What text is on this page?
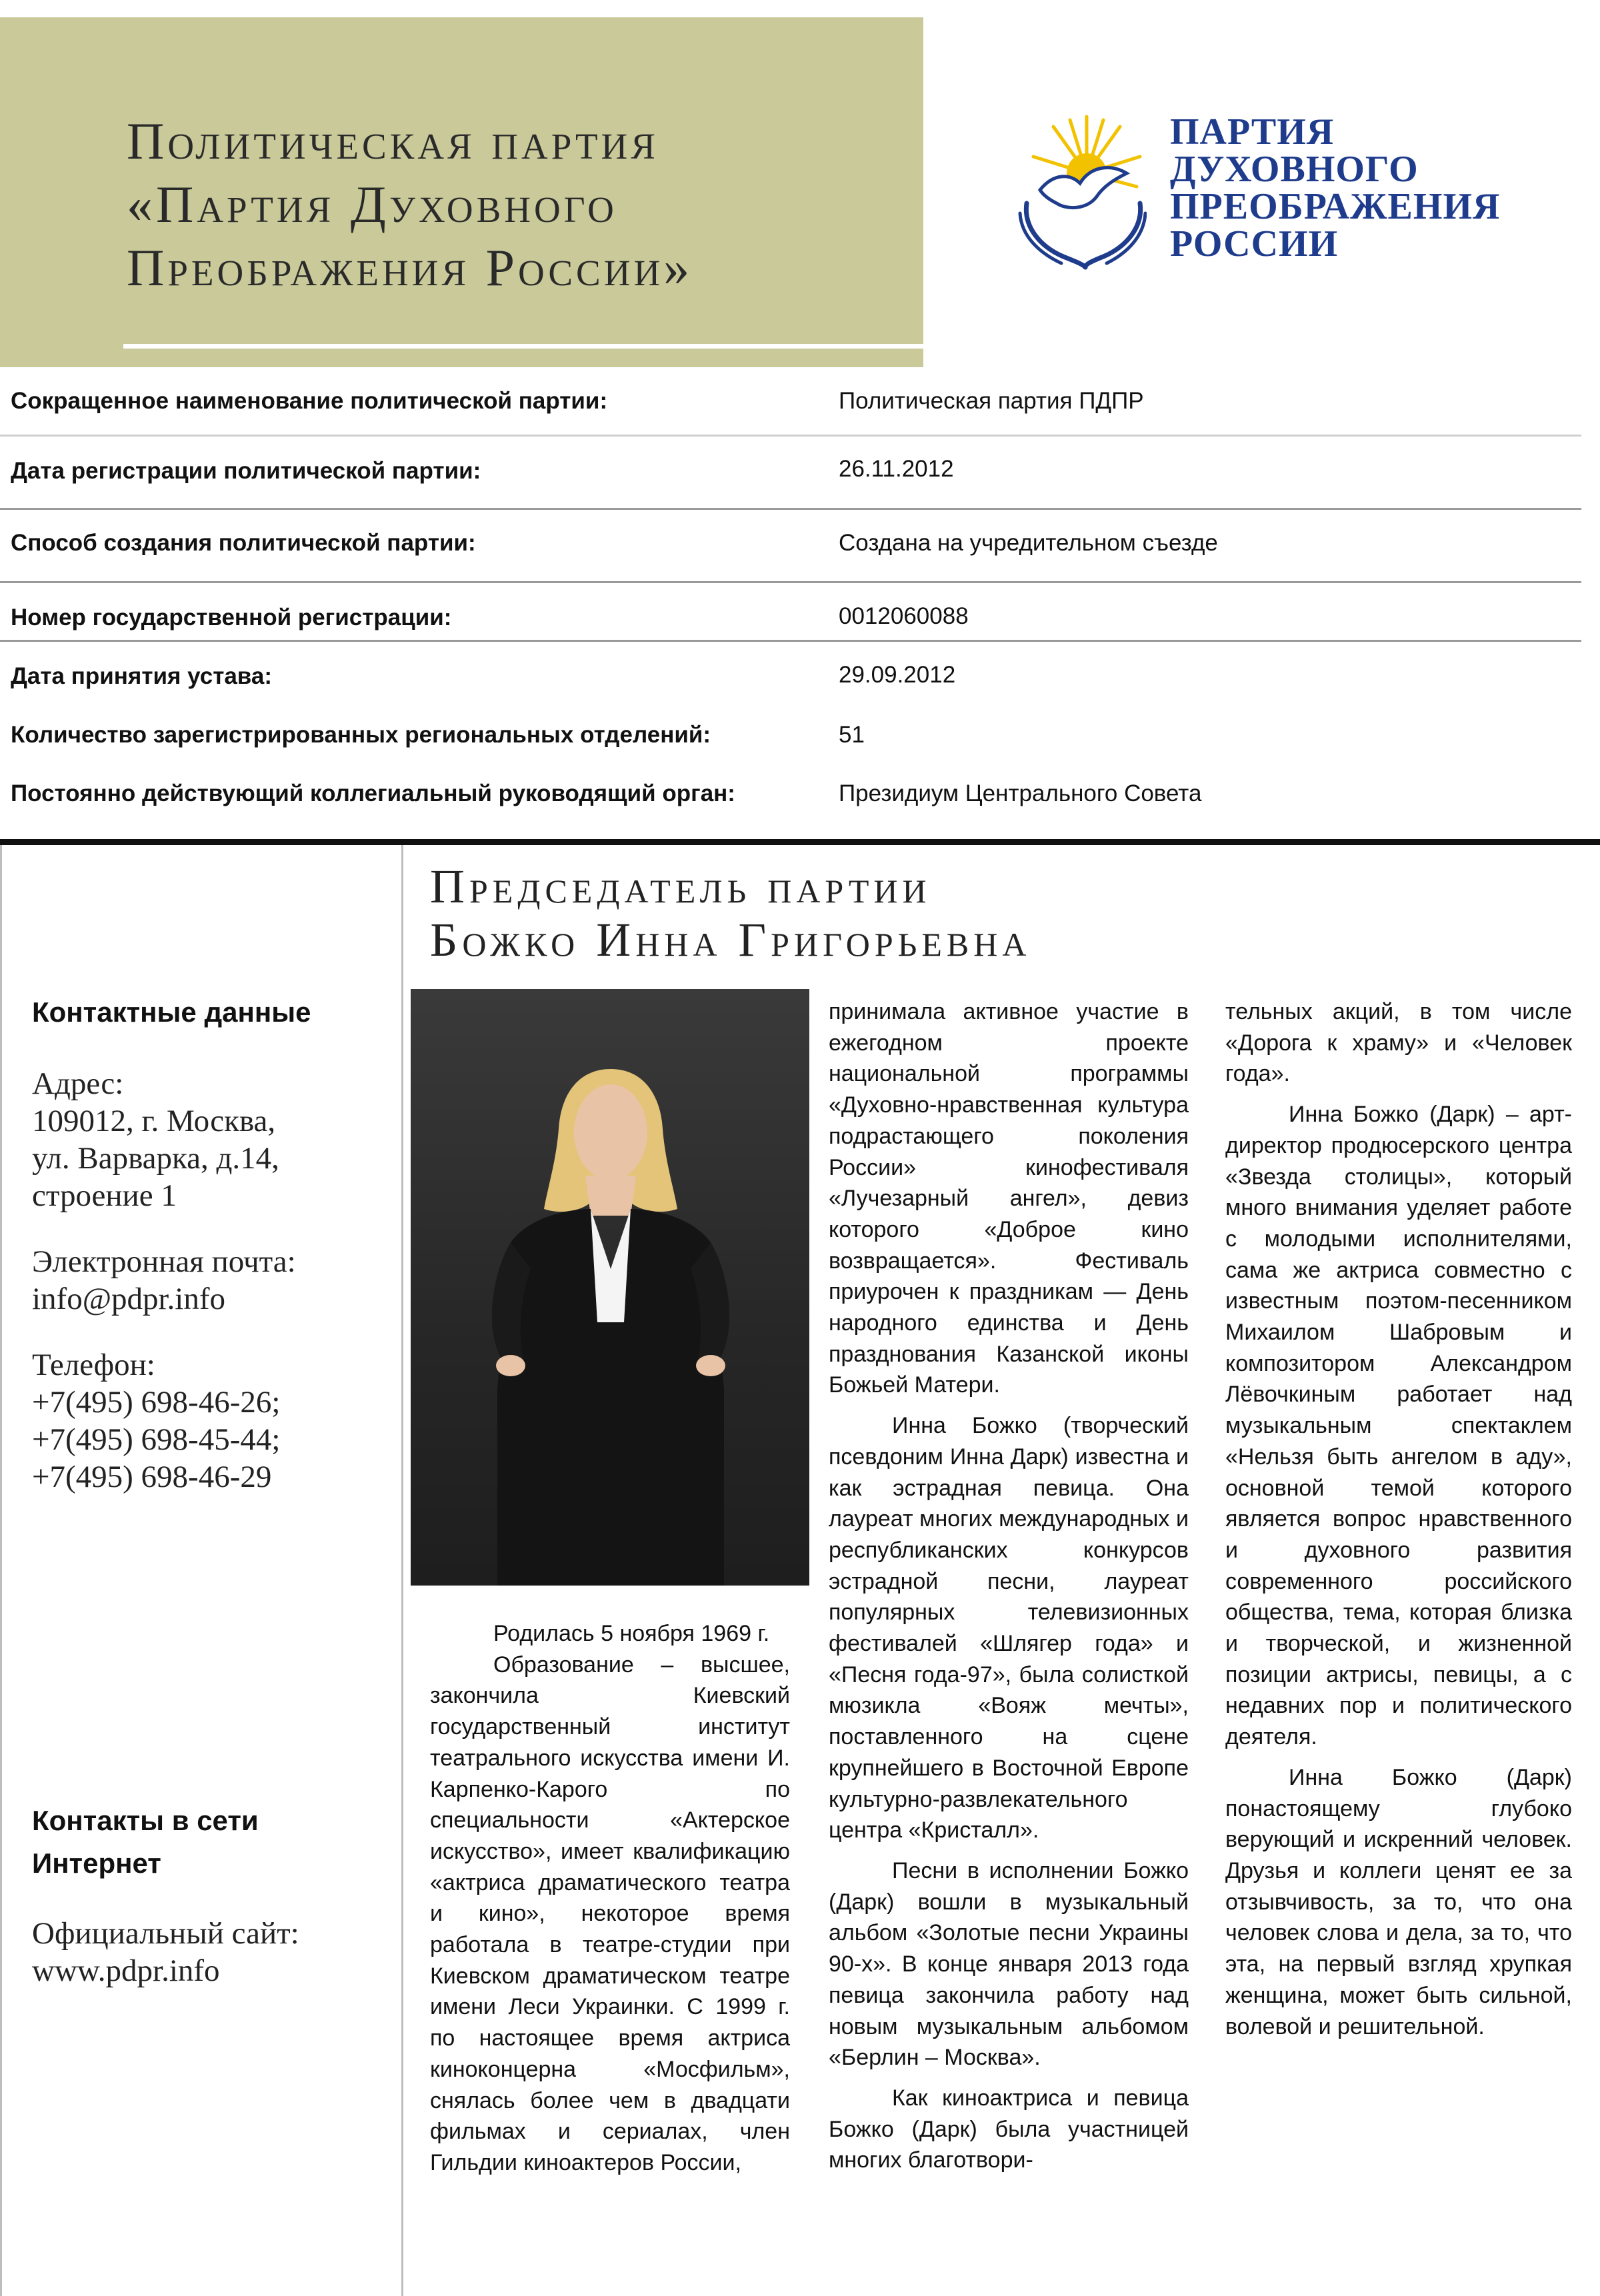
Политическая партия
«Партия Духовного
Преображения России»
ПАРТИЯ
ДУХОВНОГО
ПРЕОБРАЖЕНИЯ
РОССИИ
Сокращенное наименование политической партии:	Политическая партия ПДПР
Дата регистрации политической партии:	26.11.2012
Способ создания политической партии:	Создана на учредительном съезде
Номер государственной регистрации:	0012060088
Дата принятия устава:	29.09.2012
Количество зарегистрированных региональных отделений:	51
Постоянно действующий коллегиальный руководящий орган:	Президиум Центрального Совета
Председатель партии
Божко Инна Григорьевна
Контактные данные
Адрес:
109012, г. Москва,
ул. Варварка, д.14,
строение 1
Электронная почта:
info@pdpr.info
Телефон:
+7(495) 698-46-26;
+7(495) 698-45-44;
+7(495) 698-46-29
Контакты в сети
Интернет
Официальный сайт:
www.pdpr.info

Родилась 5 ноября 1969 г.

Образование – высшее, закончила Киевский государственный институт театрального искусства имени И. Карпенко-Карого по специальности «Актерское искусство», имеет квалификацию «актриса драматического театра и кино», некоторое время работала в театре-студии при Киевском драматическом театре имени Леси Украинки. С 1999 г. по настоящее время актриса киноконцерна «Мосфильм», снялась более чем в двадцати фильмах и сериалах, член Гильдии киноактеров России,

принимала активное участие в ежегодном проекте национальной программы «Духовно-нравственная культура подрастающего поколения России» кинофестиваля «Лучезарный ангел», девиз которого «Доброе кино возвращается». Фестиваль приурочен к праздникам — День народного единства и День празднования Казанской иконы Божьей Матери.

Инна Божко (творческий псевдоним Инна Дарк) известна и как эстрадная певица. Она лауреат многих международных и республиканских конкурсов эстрадной песни, лауреат популярных телевизионных фестивалей «Шлягер года» и «Песня года-97», была солисткой мюзикла «Вояж мечты», поставленного на сцене крупнейшего в Восточной Европе культурно-развлекательного центра «Кристалл».

Песни в исполнении Божко (Дарк) вошли в музыкальный альбом «Золотые песни Украины 90-х». В конце января 2013 года певица закончила работу над новым музыкальным альбомом «Берлин – Москва».

Как киноактриса и певица Божко (Дарк) была участницей многих благотвори-

тельных акций, в том числе «Дорога к храму» и «Человек года».

Инна Божко (Дарк) – арт-директор продюсерского центра «Звезда столицы», который много внимания уделяет работе с молодыми исполнителями, сама же актриса совместно с известным поэтом-песенником Михаилом Шабровым и композитором Александром Лёвочкиным работает над музыкальным спектаклем «Нельзя быть ангелом в аду», основной темой которого является вопрос нравственного и духовного развития современного российского общества, тема, которая близка и творческой, и жизненной позиции актрисы, певицы, а с недавних пор и политического деятеля.

Инна Божко (Дарк) понастоящему глубоко верующий и искренний человек. Друзья и коллеги ценят ее за отзывчивость, за то, что она человек слова и дела, за то, что эта, на первый взгляд хрупкая женщина, может быть сильной, волевой и решительной.
